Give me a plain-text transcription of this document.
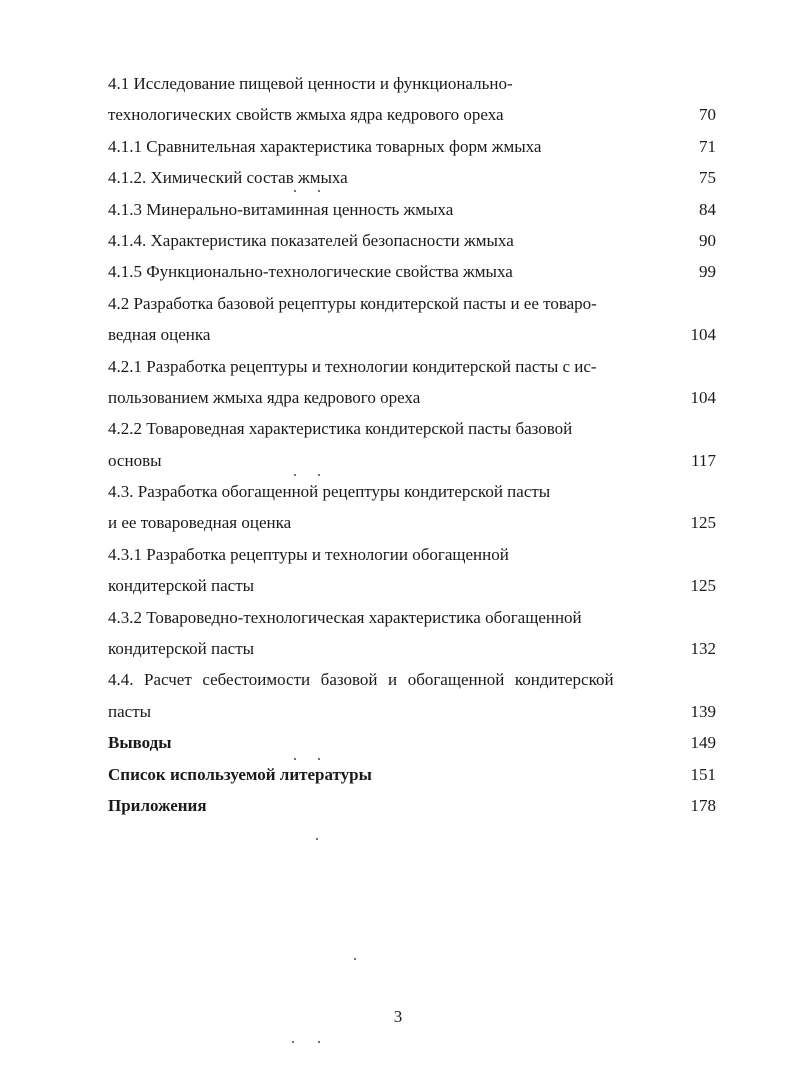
4.1 Исследование пищевой ценности и функционально-
технологических свойств жмыха ядра кедрового ореха	70
4.1.1 Сравнительная характеристика товарных форм жмыха	71
4.1.2. Химический состав жмыха	75
4.1.3 Минерально-витаминная ценность жмыха	84
4.1.4. Характеристика показателей безопасности жмыха	90
4.1.5 Функционально-технологические свойства жмыха	99
4.2 Разработка базовой рецептуры кондитерской пасты и ее товаро-
ведная оценка	104
4.2.1 Разработка рецептуры и технологии кондитерской пасты с ис-
пользованием жмыха ядра кедрового ореха	104
4.2.2 Товароведная характеристика кондитерской пасты базовой
основы	117
4.3. Разработка обогащенной рецептуры кондитерской пасты
и ее товароведная оценка	125
4.3.1 Разработка рецептуры и технологии обогащенной
кондитерской пасты	125
4.3.2 Товароведно-технологическая характеристика обогащенной
кондитерской пасты	132
4.4. Расчет себестоимости базовой и обогащенной кондитерской
пасты	139
Выводы	149
Список используемой литературы	151
Приложения	178
3
